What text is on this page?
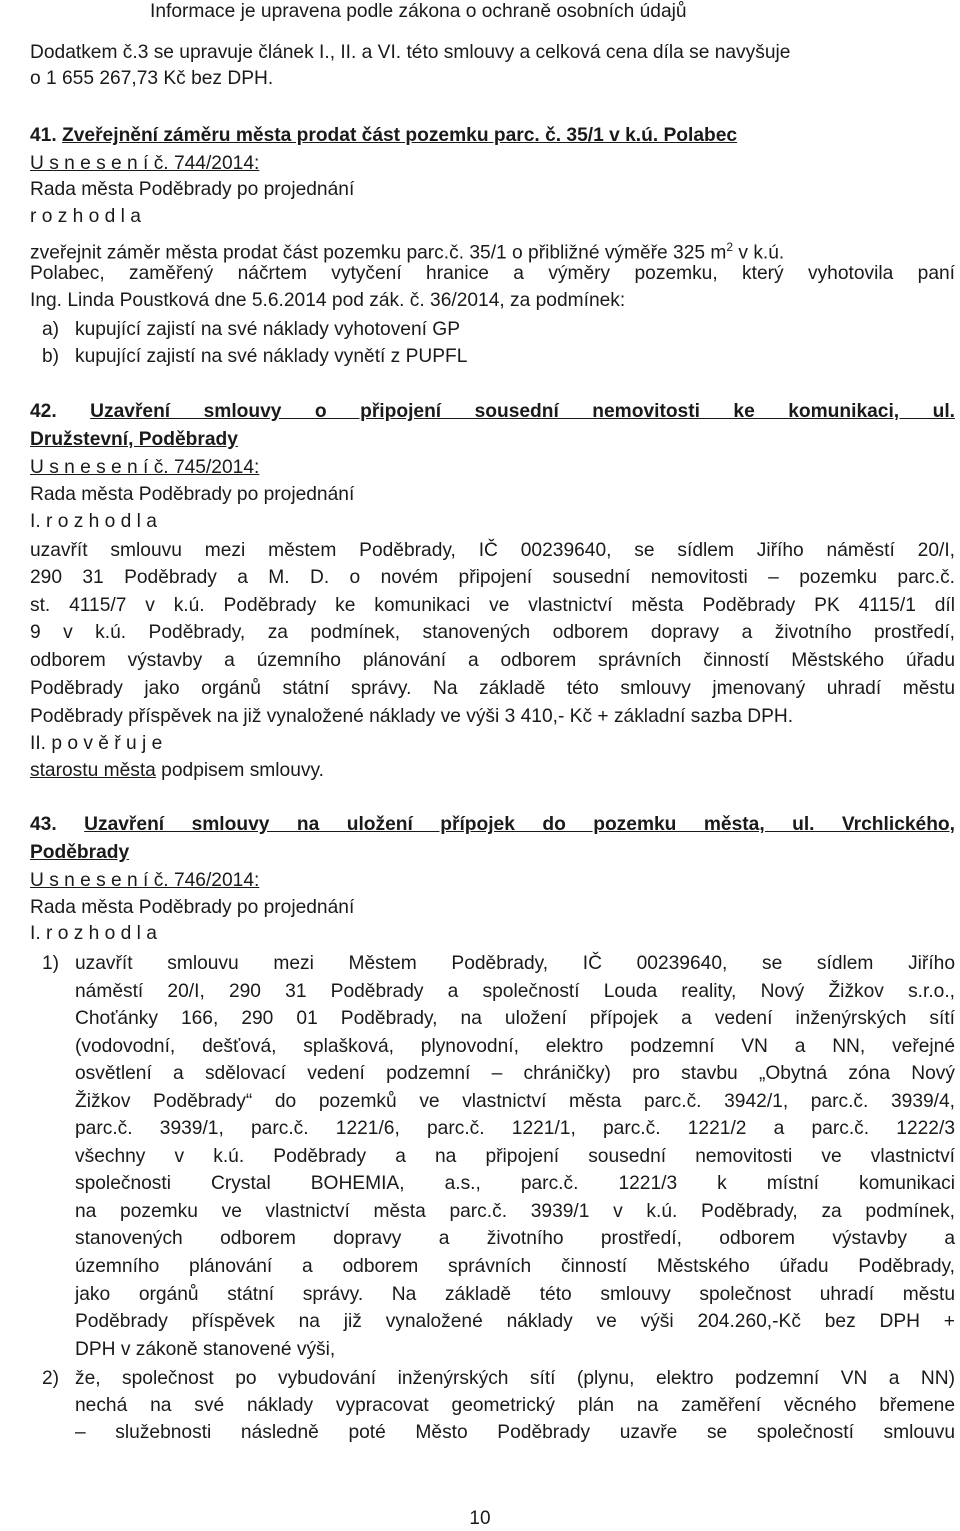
Informace je upravena podle zákona o ochraně osobních údajů
Dodatkem č.3 se upravuje článek I., II. a VI. této smlouvy a celková cena díla se navyšuje
o 1 655 267,73 Kč bez DPH.
41. Zveřejnění záměru města prodat část pozemku parc. č. 35/1 v k.ú. Polabec
U s n e s e n í č. 744/2014:
Rada města Poděbrady po projednání
r o z h o d l a
zveřejnit záměr města prodat část pozemku parc.č. 35/1 o přibližné výměře 325 $m^2$ v k.ú.
Polabec, zaměřený náčrtem vytyčení hranice a výměry pozemku, který vyhotovila paní
Ing. Linda Poustková dne 5.6.2014 pod zák. č. 36/2014, za podmínek:
a) kupující zajistí na své náklady vyhotovení GP
b) kupující zajistí na své náklady vynětí z PUPFL
42. Uzavření smlouvy o připojení sousední nemovitosti ke komunikaci, ul.
Družstevní, Poděbrady
U s n e s e n í č. 745/2014:
Rada města Poděbrady po projednání
I. r o z h o d l a
uzavřít smlouvu mezi městem Poděbrady, IČ 00239640, se sídlem Jiřího náměstí 20/I,
290 31 Poděbrady a M. D. o novém připojení sousední nemovitosti – pozemku parc.č.
st. 4115/7 v k.ú. Poděbrady ke komunikaci ve vlastnictví města Poděbrady PK 4115/1 díl
9 v k.ú. Poděbrady, za podmínek, stanovených odborem dopravy a životního prostředí,
odborem výstavby a územního plánování a odborem správních činností Městského úřadu
Poděbrady jako orgánů státní správy. Na základě této smlouvy jmenovaný uhradí městu
Poděbrady příspěvek na již vynaložené náklady ve výši 3 410,- Kč + základní sazba DPH.
II. p o v ě ř u j e
starostu města podpisem smlouvy.
43. Uzavření smlouvy na uložení přípojek do pozemku města, ul. Vrchlického,
Poděbrady
U s n e s e n í č. 746/2014:
Rada města Poděbrady po projednání
I. r o z h o d l a
1) uzavřít smlouvu mezi Městem Poděbrady, IČ 00239640, se sídlem Jiřího
náměstí 20/I, 290 31 Poděbrady a společností Louda reality, Nový Žižkov s.r.o.,
Choťánky 166, 290 01 Poděbrady, na uložení přípojek a vedení inženýrských sítí
(vodovodní, dešťová, splašková, plynovodní, elektro podzemní VN a NN, veřejné
osvětlení a sdělovací vedení podzemní – chráničky) pro stavbu „Obytná zóna Nový
Žižkov Poděbrady“ do pozemků ve vlastnictví města parc.č. 3942/1, parc.č. 3939/4,
parc.č. 3939/1, parc.č. 1221/6, parc.č. 1221/1, parc.č. 1221/2 a parc.č. 1222/3
všechny v k.ú. Poděbrady a na připojení sousední nemovitosti ve vlastnictví
společnosti Crystal BOHEMIA, a.s., parc.č. 1221/3 k místní komunikaci
na pozemku ve vlastnictví města parc.č. 3939/1 v k.ú. Poděbrady, za podmínek,
stanovených odborem dopravy a životního prostředí, odborem výstavby a
územního plánování a odborem správních činností Městského úřadu Poděbrady,
jako orgánů státní správy. Na základě této smlouvy společnost uhradí městu
Poděbrady příspěvek na již vynaložené náklady ve výši 204.260,-Kč bez DPH +
DPH v zákoně stanovené výši,
2) že, společnost po vybudování inženýrských sítí (plynu, elektro podzemní VN a NN)
nechá na své náklady vypracovat geometrický plán na zaměření věcného břemene
– služebnosti následně poté Město Poděbrady uzavře se společností smlouvu
10
